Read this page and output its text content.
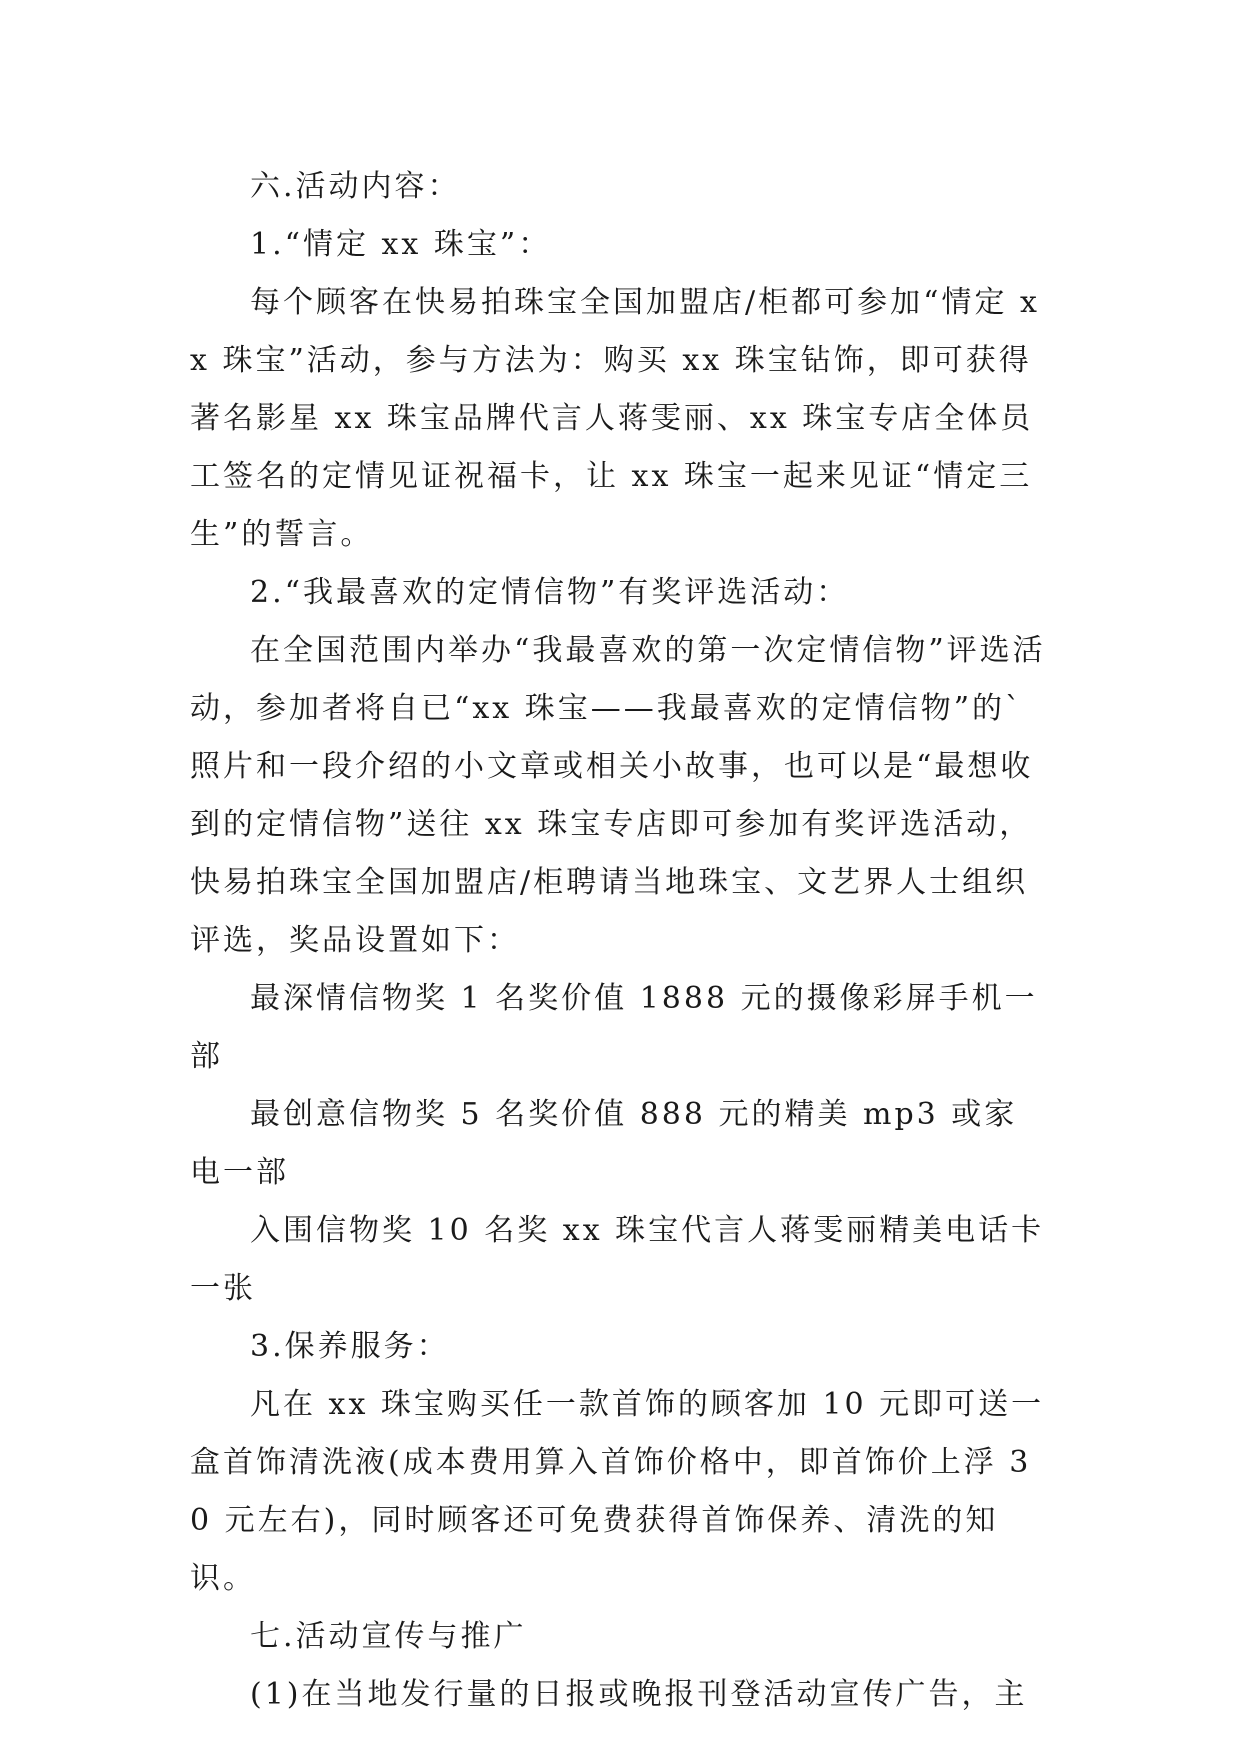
六.活动内容：

1.“情定 xx 珠宝”：

每个顾客在快易拍珠宝全国加盟店/柜都可参加“情定 xx 珠宝”活动，参与方法为：购买 xx 珠宝钻饰，即可获得著名影星 xx 珠宝品牌代言人蒋雯丽、xx 珠宝专店全体员工签名的定情见证祝福卡，让 xx 珠宝一起来见证“情定三生”的誓言。

2.“我最喜欢的定情信物”有奖评选活动：

在全国范围内举办“我最喜欢的第一次定情信物”评选活动，参加者将自已“xx 珠宝——我最喜欢的定情信物”的`照片和一段介绍的小文章或相关小故事，也可以是“最想收到的定情信物”送往 xx 珠宝专店即可参加有奖评选活动，快易拍珠宝全国加盟店/柜聘请当地珠宝、文艺界人士组织评选，奖品设置如下：

最深情信物奖 1 名奖价值 1888 元的摄像彩屏手机一部

最创意信物奖 5 名奖价值 888 元的精美 mp3 或家电一部

入围信物奖 10 名奖 xx 珠宝代言人蒋雯丽精美电话卡一张

3.保养服务：

凡在 xx 珠宝购买任一款首饰的顾客加 10 元即可送一盒首饰清洗液(成本费用算入首饰价格中，即首饰价上浮 30 元左右)，同时顾客还可免费获得首饰保养、清洗的知识。

七.活动宣传与推广

(1)在当地发行量的日报或晚报刊登活动宣传广告，主
